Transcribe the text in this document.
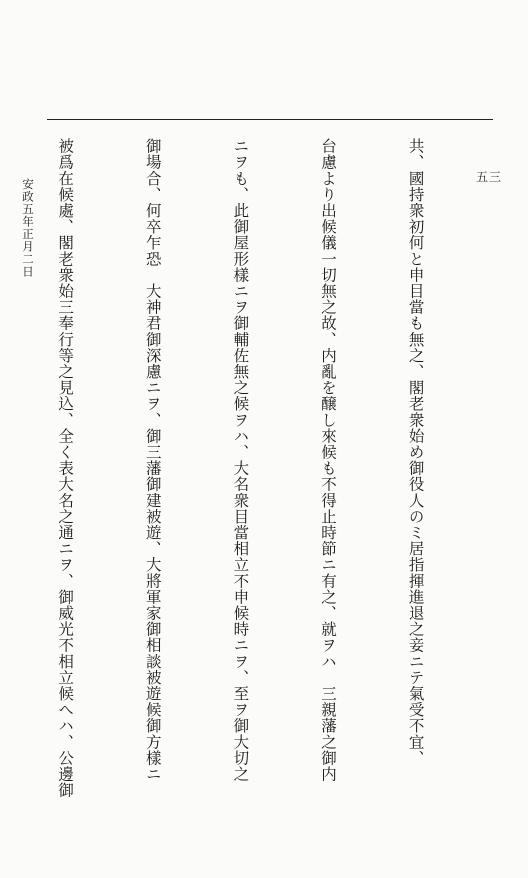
五三
安政五年正月二日

	共、國持衆初何と申目當も無之、閣老衆始め御役人のミ居指揮進退之妾ニテ氣受不宜、

台慮より出候儀一切無之故、内亂を醸し來候も不得止時節ニ有之、就ヲハ　三親藩之御内

ニヲも、此御屋形樣ニヲ御輔佐無之候ヲハ、大名衆目當相立不申候時ニヲ、至ヲ御大切之

御場合、何卒乍恐　大神君御深慮ニヲ、御三藩御建被遊、大將軍家御相談被遊候御方樣ニ

被爲在候處、閣老衆始三奉行等之見込、全く表大名之通ニヲ、御威光不相立候へハ、公邊御
